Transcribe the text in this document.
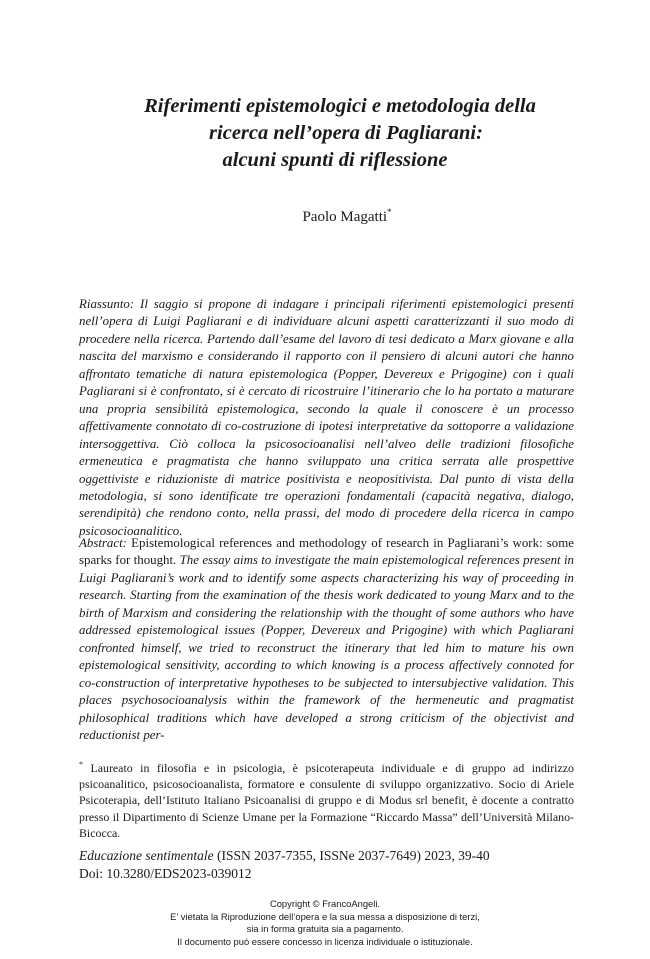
Riferimenti epistemologici e metodologia della
ricerca nell’opera di Pagliarani:
alcuni spunti di riflessione
Paolo Magatti*

Riassunto: Il saggio si propone di indagare i principali riferimenti epistemologici presenti nell’opera di Luigi Pagliarani e di individuare alcuni aspetti caratterizzanti il suo modo di procedere nella ricerca. Partendo dall’esame del lavoro di tesi dedicato a Marx giovane e alla nascita del marxismo e considerando il rapporto con il pensiero di alcuni autori che hanno affrontato tematiche di natura epistemologica (Popper, Devereux e Prigogine) con i quali Pagliarani si è confrontato, si è cercato di ricostruire l’itinerario che lo ha portato a maturare una propria sensibilità epistemologica, secondo la quale il conoscere è un processo affettivamente connotato di co-costruzione di ipotesi interpretative da sottoporre a validazione intersoggettiva. Ciò colloca la psicosocioanalisi nell’alveo delle tradizioni filosofiche ermeneutica e pragmatista che hanno sviluppato una critica serrata alle prospettive oggettiviste e riduzioniste di matrice positivista e neopositivista. Dal punto di vista della metodologia, si sono identificate tre operazioni fondamentali (capacità negativa, dialogo, serendipità) che rendono conto, nella prassi, del modo di procedere della ricerca in campo psicosocioanalitico.

Abstract: Epistemological references and methodology of research in Pagliarani’s work: some sparks for thought. The essay aims to investigate the main epistemological references present in Luigi Pagliarani’s work and to identify some aspects characterizing his way of proceeding in research. Starting from the examination of the thesis work dedicated to young Marx and to the birth of Marxism and considering the relationship with the thought of some authors who have addressed epistemological issues (Popper, Devereux and Prigogine) with which Pagliarani confronted himself, we tried to reconstruct the itinerary that led him to mature his own epistemological sensitivity, according to which knowing is a process affectively connoted for co-construction of interpretative hypotheses to be subjected to intersubjective validation. This places psychosocioanalysis within the framework of the hermeneutic and pragmatist philosophical traditions which have developed a strong criticism of the objectivist and reductionist per-

* Laureato in filosofia e in psicologia, è psicoterapeuta individuale e di gruppo ad indirizzo psicoanalitico, psicosocioanalista, formatore e consulente di sviluppo organizzativo. Socio di Ariele Psicoterapia, dell’Istituto Italiano Psicoanalisi di gruppo e di Modus srl benefit, è docente a contratto presso il Dipartimento di Scienze Umane per la Formazione “Riccardo Massa” dell’Università Milano-Bicocca.
Educazione sentimentale (ISSN 2037-7355, ISSNe 2037-7649) 2023, 39-40
Doi: 10.3280/EDS2023-039012
Copyright © FrancoAngeli.
E’ vietata la Riproduzione dell’opera e la sua messa a disposizione di terzi,
sia in forma gratuita sia a pagamento.
Il documento può essere concesso in licenza individuale o istituzionale.
